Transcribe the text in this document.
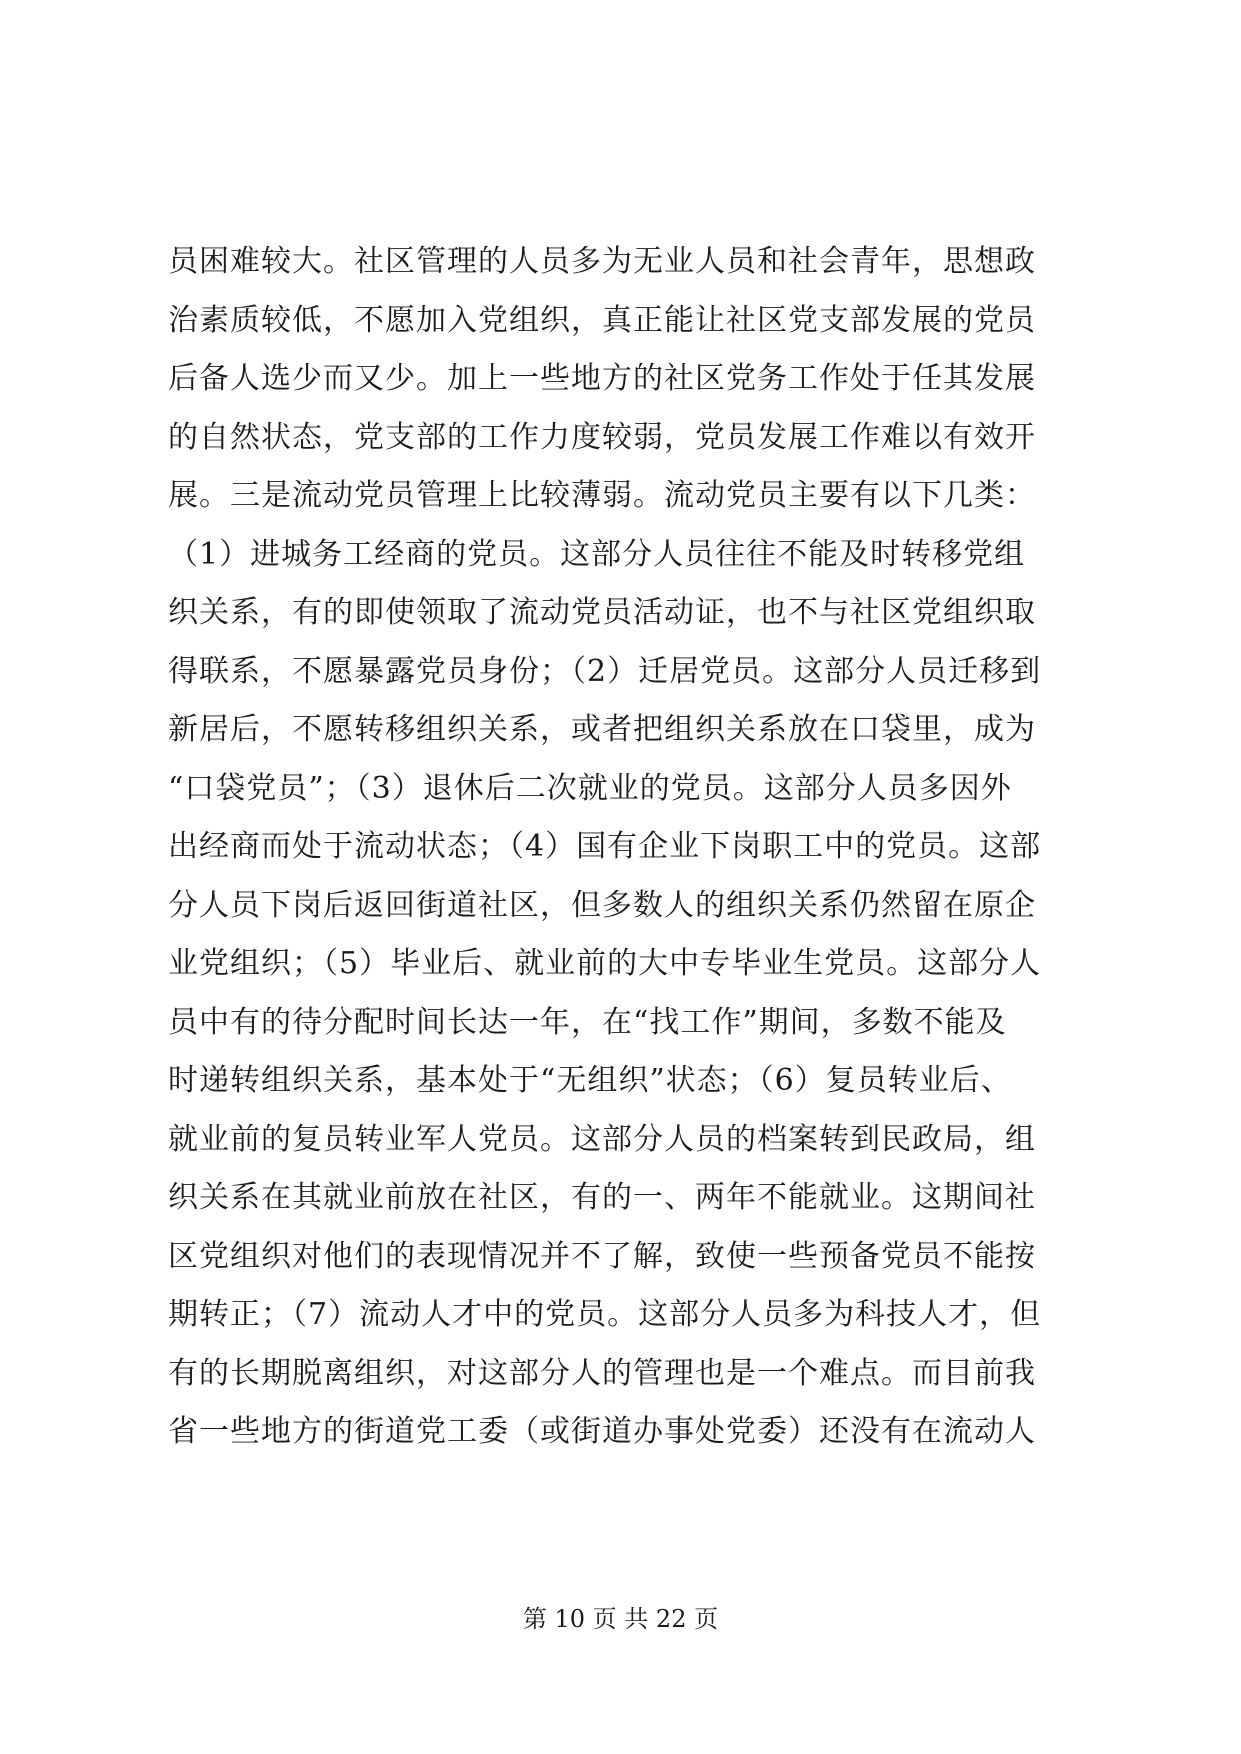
员困难较大。社区管理的人员多为无业人员和社会青年，思想政
治素质较低，不愿加入党组织，真正能让社区党支部发展的党员
后备人选少而又少。加上一些地方的社区党务工作处于任其发展
的自然状态，党支部的工作力度较弱，党员发展工作难以有效开
展。三是流动党员管理上比较薄弱。流动党员主要有以下几类：
（1）进城务工经商的党员。这部分人员往往不能及时转移党组
织关系，有的即使领取了流动党员活动证，也不与社区党组织取
得联系，不愿暴露党员身份；（2）迁居党员。这部分人员迁移到
新居后，不愿转移组织关系，或者把组织关系放在口袋里，成为
“口袋党员”；（3）退休后二次就业的党员。这部分人员多因外
出经商而处于流动状态；（4）国有企业下岗职工中的党员。这部
分人员下岗后返回街道社区，但多数人的组织关系仍然留在原企
业党组织；（5）毕业后、就业前的大中专毕业生党员。这部分人
员中有的待分配时间长达一年，在“找工作”期间，多数不能及
时递转组织关系，基本处于“无组织”状态；（6）复员转业后、
就业前的复员转业军人党员。这部分人员的档案转到民政局，组
织关系在其就业前放在社区，有的一、两年不能就业。这期间社
区党组织对他们的表现情况并不了解，致使一些预备党员不能按
期转正；（7）流动人才中的党员。这部分人员多为科技人才，但
有的长期脱离组织，对这部分人的管理也是一个难点。而目前我
省一些地方的街道党工委（或街道办事处党委）还没有在流动人
第 10 页 共 22 页
